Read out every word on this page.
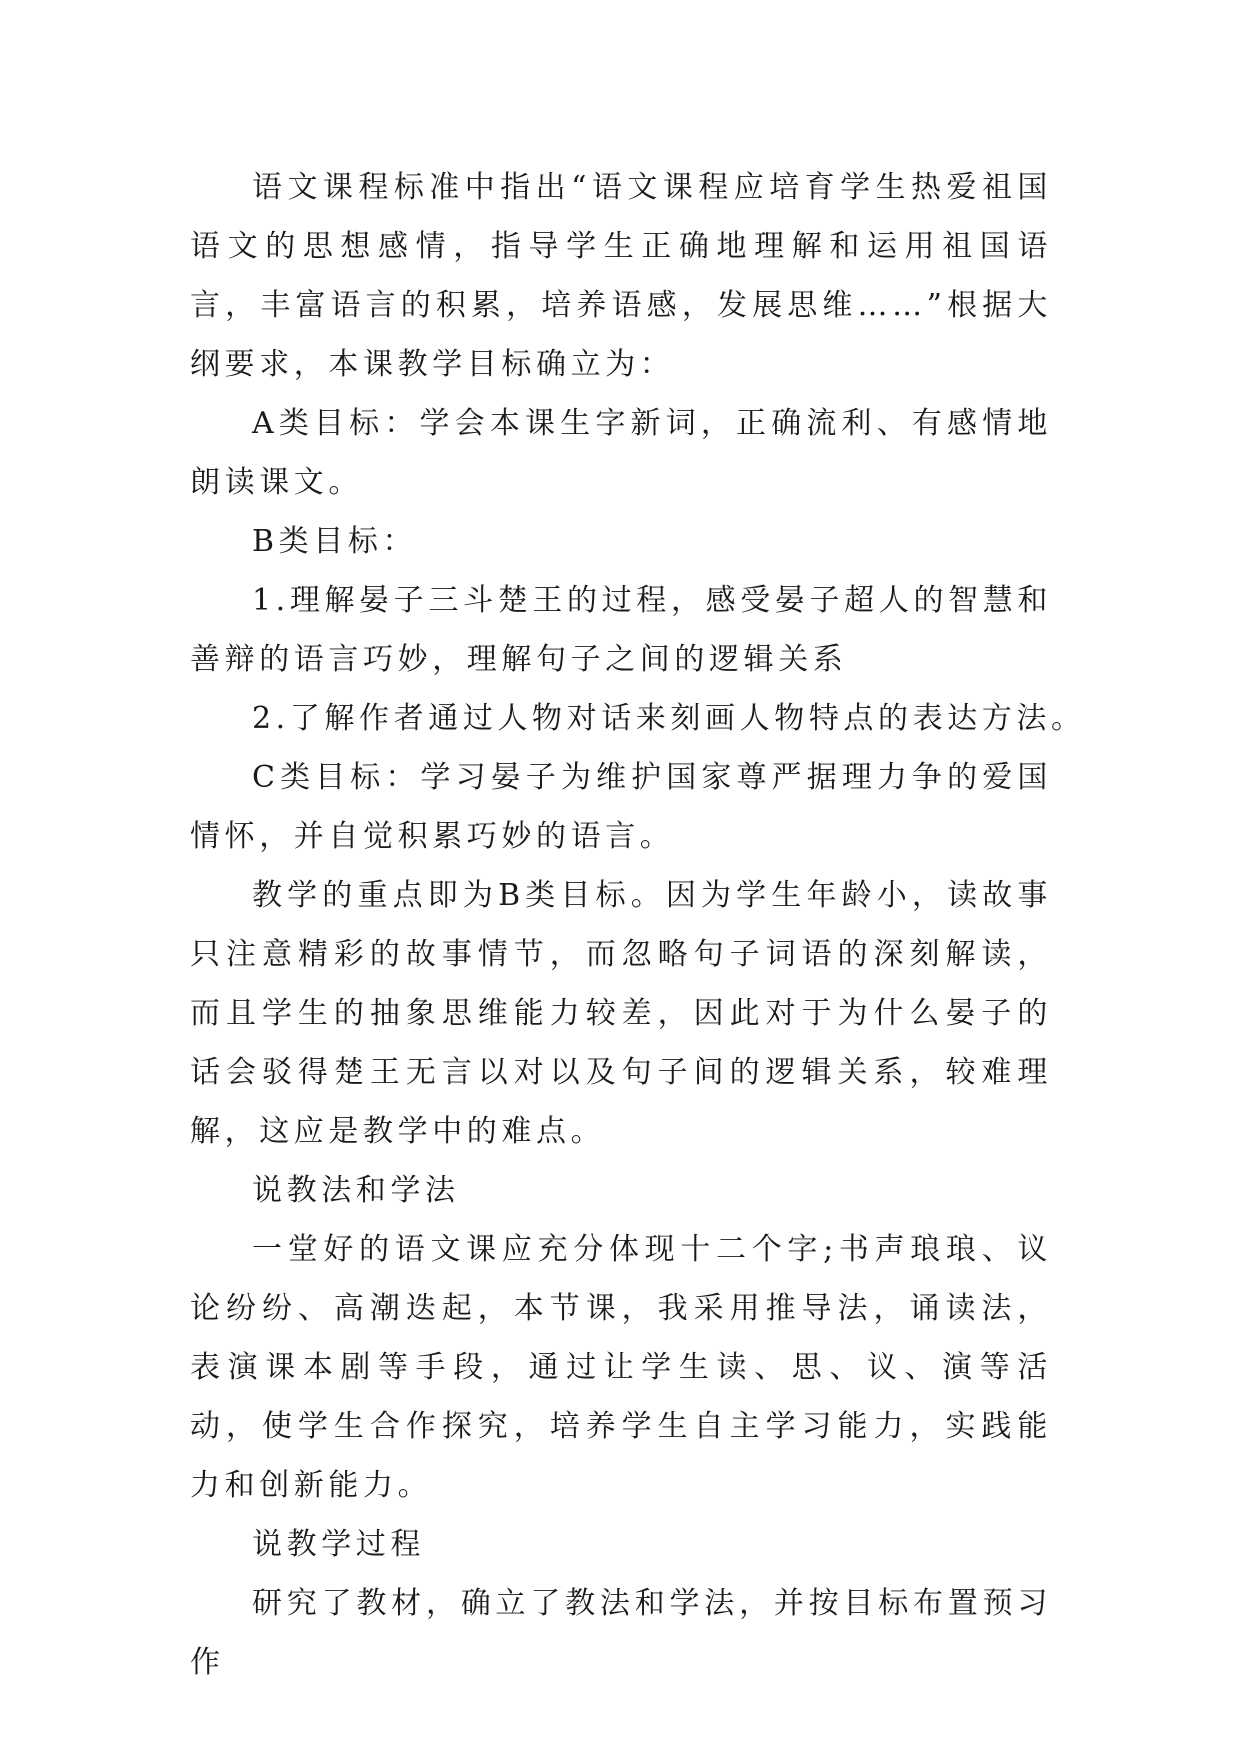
语文课程标准中指出“语文课程应培育学生热爱祖国语文的思想感情，指导学生正确地理解和运用祖国语言，丰富语言的积累，培养语感，发展思维……”根据大纲要求，本课教学目标确立为：

A类目标：学会本课生字新词，正确流利、有感情地朗读课文。

B类目标：

1.理解晏子三斗楚王的过程，感受晏子超人的智慧和善辩的语言巧妙，理解句子之间的逻辑关系

2.了解作者通过人物对话来刻画人物特点的表达方法。

C类目标：学习晏子为维护国家尊严据理力争的爱国情怀，并自觉积累巧妙的语言。

教学的重点即为B类目标。因为学生年龄小，读故事只注意精彩的故事情节，而忽略句子词语的深刻解读，而且学生的抽象思维能力较差，因此对于为什么晏子的话会驳得楚王无言以对以及句子间的逻辑关系，较难理解，这应是教学中的难点。

说教法和学法

一堂好的语文课应充分体现十二个字;书声琅琅、议论纷纷、高潮迭起，本节课，我采用推导法，诵读法，表演课本剧等手段，通过让学生读、思、议、演等活动，使学生合作探究，培养学生自主学习能力，实践能力和创新能力。

说教学过程

研究了教材，确立了教法和学法，并按目标布置预习作
